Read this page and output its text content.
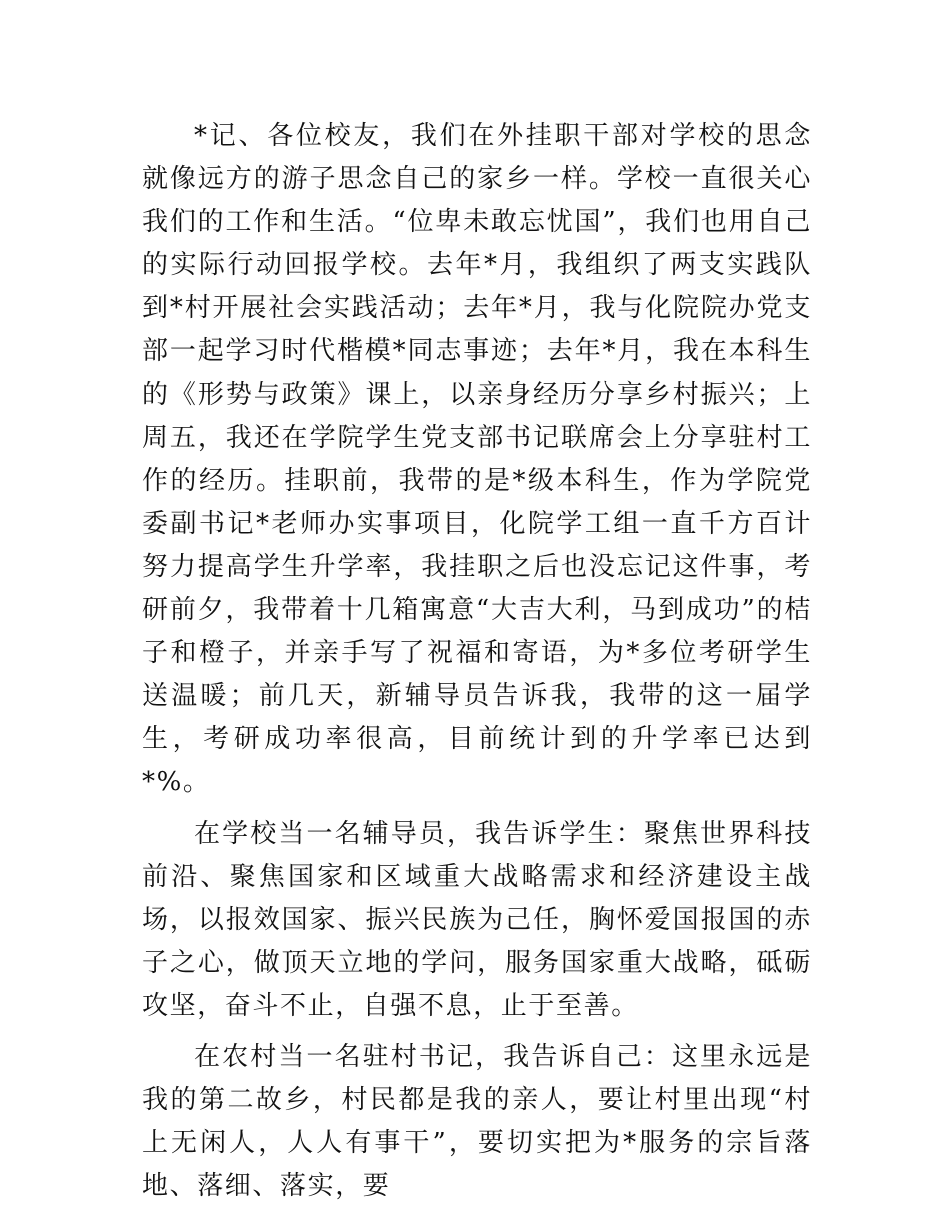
*记、各位校友，我们在外挂职干部对学校的思念就像远方的游子思念自己的家乡一样。学校一直很关心我们的工作和生活。“位卑未敢忘忧国”，我们也用自己的实际行动回报学校。去年*月，我组织了两支实践队到*村开展社会实践活动；去年*月，我与化院院办党支部一起学习时代楷模*同志事迹；去年*月，我在本科生的《形势与政策》课上，以亲身经历分享乡村振兴；上周五，我还在学院学生党支部书记联席会上分享驻村工作的经历。挂职前，我带的是*级本科生，作为学院党委副书记*老师办实事项目，化院学工组一直千方百计努力提高学生升学率，我挂职之后也没忘记这件事，考研前夕，我带着十几箱寓意“大吉大利，马到成功”的桔子和橙子，并亲手写了祝福和寄语，为*多位考研学生送温暖；前几天，新辅导员告诉我，我带的这一届学生，考研成功率很高，目前统计到的升学率已达到*%。

在学校当一名辅导员，我告诉学生：聚焦世界科技前沿、聚焦国家和区域重大战略需求和经济建设主战场，以报效国家、振兴民族为己任，胸怀爱国报国的赤子之心，做顶天立地的学问，服务国家重大战略，砥砺攻坚，奋斗不止，自强不息，止于至善。

在农村当一名驻村书记，我告诉自己：这里永远是我的第二故乡，村民都是我的亲人，要让村里出现“村上无闲人，人人有事干”，要切实把为*服务的宗旨落地、落细、落实，要
